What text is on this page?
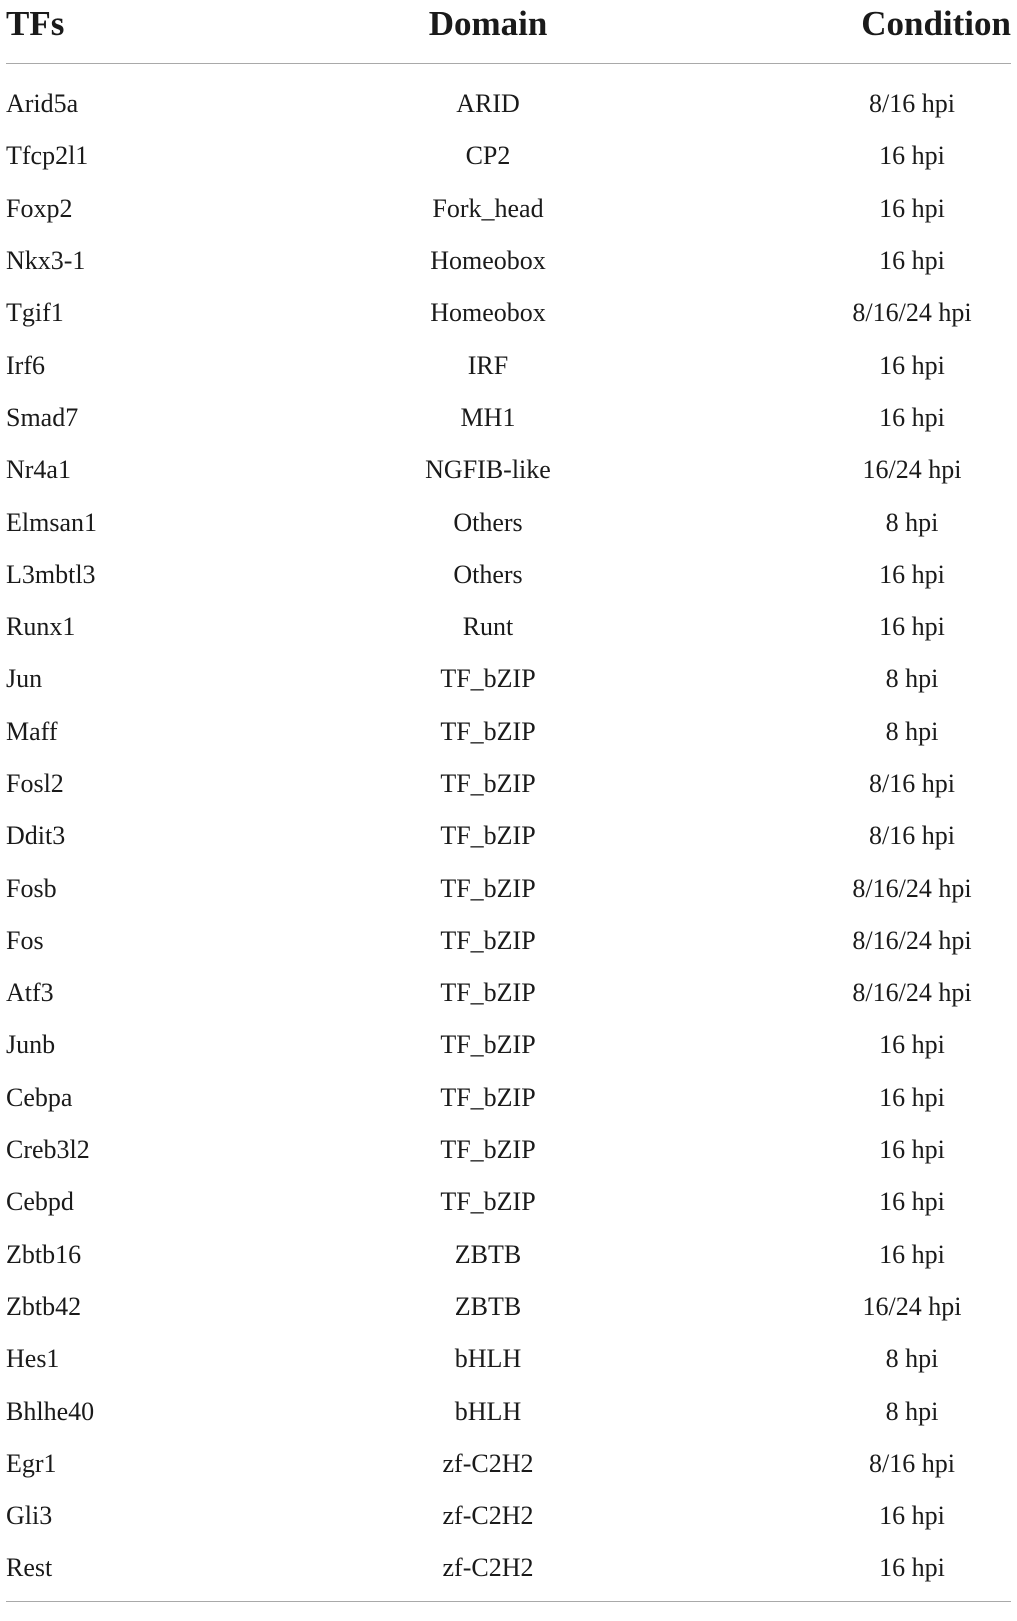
TFs	Domain	Condition
Arid5a	ARID	8/16 hpi
Tfcp2l1	CP2	16 hpi
Foxp2	Fork_head	16 hpi
Nkx3-1	Homeobox	16 hpi
Tgif1	Homeobox	8/16/24 hpi
Irf6	IRF	16 hpi
Smad7	MH1	16 hpi
Nr4a1	NGFIB-like	16/24 hpi
Elmsan1	Others	8 hpi
L3mbtl3	Others	16 hpi
Runx1	Runt	16 hpi
Jun	TF_bZIP	8 hpi
Maff	TF_bZIP	8 hpi
Fosl2	TF_bZIP	8/16 hpi
Ddit3	TF_bZIP	8/16 hpi
Fosb	TF_bZIP	8/16/24 hpi
Fos	TF_bZIP	8/16/24 hpi
Atf3	TF_bZIP	8/16/24 hpi
Junb	TF_bZIP	16 hpi
Cebpa	TF_bZIP	16 hpi
Creb3l2	TF_bZIP	16 hpi
Cebpd	TF_bZIP	16 hpi
Zbtb16	ZBTB	16 hpi
Zbtb42	ZBTB	16/24 hpi
Hes1	bHLH	8 hpi
Bhlhe40	bHLH	8 hpi
Egr1	zf-C2H2	8/16 hpi
Gli3	zf-C2H2	16 hpi
Rest	zf-C2H2	16 hpi
